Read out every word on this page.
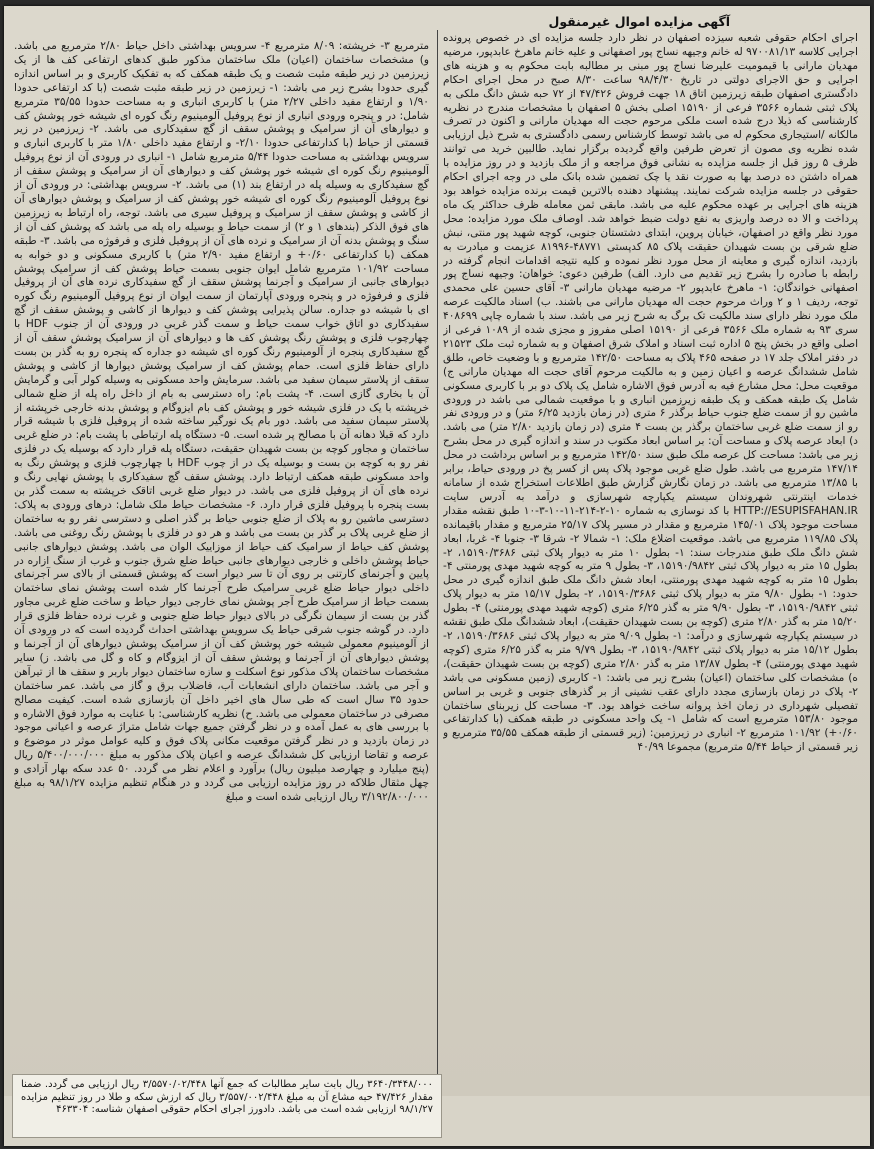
آگهی مزایده اموال غیرمنقول

اجرای احکام حقوقی شعبه سیزده اصفهان در نظر دارد جلسه مزایده ای در خصوص پرونده اجرایی کلاسه ۹۷۰۰۸۱/۱۳ له خانم وجیهه نساج پور اصفهانی و علیه خانم ماهرخ عابدپور، مرضیه مهدیان مارانی با قیمومیت علیرضا نساج پور مبنی بر مطالبه بابت محکوم به و هزینه های اجرایی و حق الاجرای دولتی در تاریخ ۹۸/۴/۳۰ ساعت ۸/۳۰ صبح در محل اجرای احکام دادگستری اصفهان طبقه زیرزمین اتاق ۱۸ جهت فروش ۴۷/۴۲۶ از ۷۲ حبه شش دانگ ملکی به پلاک ثبتی شماره ۳۵۶۶ فرعی از ۱۵۱۹۰ اصلی بخش ۵ اصفهان با مشخصات مندرج در نظریه کارشناسی که ذیلا درج شده است ملکی مرحوم حجت اله مهدیان مارانی و اکنون در تصرف مالکانه /استیجاری محکوم له می باشد توسط کارشناس رسمی دادگستری به شرح ذیل ارزیابی شده نظریه وی مصون از تعرض طرفین واقع گردیده برگزار نماید. طالبین خرید می توانند ظرف ۵ روز قبل از جلسه مزایده به نشانی فوق مراجعه و از ملک بازدید و در روز مزایده با همراه داشتن ده درصد بها به صورت نقد یا چک تضمین شده بانک ملی در وجه اجرای احکام حقوقی در جلسه مزایده شرکت نمایند. پیشنهاد دهنده بالاترین قیمت برنده مزایده خواهد بود هزینه های اجرایی بر عهده محکوم علیه می باشد. مابقی ثمن معامله ظرف حداکثر یک ماه پرداخت و الا ده درصد واریزی به نفع دولت ضبط خواهد شد. اوصاف ملک مورد مزایده: محل مورد نظر واقع در اصفهان، خیابان پروین، ابتدای دشتستان جنوبی، کوچه شهید پور منتی، نبش ضلع شرقی بن بست شهیدان حقیقت پلاک ۸۵ کدپستی ۴۸۷۷۱-۸۱۹۹۶ عزیمت و مبادرت به بازدید، اندازه گیری و معاینه از محل مورد نظر نموده و کلیه نتیجه اقدامات انجام گرفته در رابطه با صادره را بشرح زیر تقدیم می دارد. الف) طرفین دعوی: خواهان: وجیهه نساج پور اصفهانی خواندگان: ۱- ماهرخ عابدپور ۲- مرضیه مهدیان مارانی ۳- آقای حسین علی محمدی توجه، ردیف ۱ و ۲ وراث مرحوم حجت اله مهدیان مارانی می باشند. ب) اسناد مالکیت عرصه ملک مورد نظر دارای سند مالکیت تک برگ به شرح زیر می باشد. سند با شماره چاپی ۴۰۸۶۹۹ سری ۹۳ به شماره ملک ۳۵۶۶ فرعی از ۱۵۱۹۰ اصلی مفروز و مجزی شده از ۱۰۸۹ فرعی از اصلی واقع در بخش پنج ۵ اداره ثبت اسناد و املاک شرق اصفهان و به شماره ثبت ملک ۲۱۵۲۳ در دفتر املاک جلد ۱۷ در صفحه ۴۶۵ پلاک به مساحت ۱۴۲/۵۰ مترمربع و با وضعیت خاص، طلق شامل ششدانگ عرصه و اعیان زمین و به مالکیت مرحوم آقای حجت اله مهدیان مارانی ج) موقعیت محل: محل مشارع فیه به آدرس فوق الاشاره شامل یک پلاک دو بر با کاربری مسکونی شامل یک طبقه همکف و یک طبقه زیرزمین انباری و با موقعیت شمالی می باشد در ورودی ماشین رو از سمت ضلع جنوب حیاط برگذر ۶ متری (در زمان بازدید ۶/۲۵ متر) و در ورودی نفر رو از سمت ضلع غربی ساختمان برگذر بن بست ۴ متری (در زمان بازدید ۲/۸۰ متر) می باشد. د) ابعاد عرصه پلاک و مساحت آن: بر اساس ابعاد مکتوب در سند و اندازه گیری در محل بشرح زیر می باشد: مساحت کل عرصه ملک طبق سند ۱۴۲/۵۰ مترمربع و بر اساس برداشت در محل ۱۴۷/۱۴ مترمربع می باشد. طول ضلع غربی موجود پلاک پس از کسر پخ در ورودی حیاط، برابر با ۱۳/۸۵ مترمربع می باشد. در زمان نگارش گزارش طبق اطلاعات استخراج شده از سامانه خدمات اینترنتی شهروندان سیستم یکپارچه شهرسازی و درآمد به آدرس سایت HTTP://ESUPISFAHAN.IR با کد نوسازی به شماره ۱۰-۲-۲۱۴-۱۱-۱۰-۳-۱۰ طبق نقشه مقدار مساحت موجود پلاک ۱۴۵/۰۱ مترمربع و مقدار در مسیر پلاک ۲۵/۱۷ مترمربع و مقدار باقیمانده پلاک ۱۱۹/۸۵ مترمربع می باشد. موقعیت اضلاع ملک: ۱- شمالا ۲- شرقا ۳- جنوبا ۴- غربا، ابعاد شش دانگ ملک طبق مندرجات سند: ۱- بطول ۱۰ متر به دیوار پلاک ثبتی ۱۵۱۹۰/۳۶۸۶، ۲- بطول ۱۵ متر به دیوار پلاک ثبتی ۱۵۱۹۰/۹۸۴۲، ۳- بطول ۹ متر به کوچه شهید مهدی پورمنتی ۴- بطول ۱۵ متر به کوچه شهید مهدی پورمنتی، ابعاد شش دانگ ملک طبق اندازه گیری در محل حدود: ۱- بطول ۹/۸۰ متر به دیوار پلاک ثبتی ۱۵۱۹۰/۳۶۸۶، ۲- بطول ۱۵/۱۷ متر به دیوار پلاک ثبتی ۱۵۱۹۰/۹۸۴۲، ۳- بطول ۹/۹۰ متر به گذر ۶/۲۵ متری (کوچه شهید مهدی پورمنتی) ۴- بطول ۱۵/۲۰ متر به گذر ۲/۸۰ متری (کوچه بن بست شهیدان حقیقت)، ابعاد ششدانگ ملک طبق نقشه در سیستم یکپارچه شهرسازی و درآمد: ۱- بطول ۹/۰۹ متر به دیوار پلاک ثبتی ۱۵۱۹۰/۳۶۸۶، ۲- بطول ۱۵/۱۲ متر به دیوار پلاک ثبتی ۱۵۱۹۰/۹۸۴۲، ۳- بطول ۹/۷۹ متر به گذر ۶/۲۵ متری (کوچه شهید مهدی پورمنتی) ۴- بطول ۱۳/۸۷ متر به گذر ۲/۸۰ متری (کوچه بن بست شهیدان حقیقت)، ه) مشخصات کلی ساختمان (اعیان) بشرح زیر می باشد: ۱- کاربری (زمین مسکونی می باشد ۲- پلاک در زمان بازسازی مجدد دارای عقب نشینی از بر گذرهای جنوبی و غربی بر اساس تفصیلی شهرداری در زمان اخذ پروانه ساخت خواهد بود. ۳- مساحت کل زیربنای ساختمان موجود ۱۵۳/۸۰ مترمربع است که شامل ۱- یک واحد مسکونی در طبقه همکف (با کدارتفاعی ۰/۶۰+) ۱۰۱/۹۲ مترمربع ۲- انباری در زیرزمین: (زیر قسمتی از طبقه همکف ۳۵/۵۵ مترمربع و زیر قسمتی از حیاط ۵/۴۴ مترمربع) مجموعا ۴۰/۹۹

مترمربع ۳- خرپشته: ۸/۰۹ مترمربع ۴- سرویس بهداشتی داخل حیاط ۲/۸۰ مترمربع می باشد. و) مشخصات ساختمان (اعیان) ملک ساختمان مذکور طبق کدهای ارتفاعی کف ها از یک زیرزمین در زیر طبقه مثبت شصت و یک طبقه همکف که به تفکیک کاربری و بر اساس اندازه گیری حدودا بشرح زیر می باشد: ۱- زیرزمین در زیر طبقه مثبت شصت (با کد ارتفاعی حدودا ۱/۹۰ و ارتفاع مفید داخلی ۲/۲۷ متر) با کاربری انباری و به مساحت حدودا ۳۵/۵۵ مترمربع شامل: در و پنجره ورودی انباری از نوع پروفیل آلومینیوم رنگ کوره ای شیشه خور پوشش کف و دیوارهای آن از سرامیک و پوشش سقف از گچ سفیدکاری می باشد. ۲- زیرزمین در زیر قسمتی از حیاط (با کدارتفاعی حدودا ۲/۱۰- و ارتفاع مفید داخلی ۱/۸۰ متر با کاربری انباری و سرویس بهداشتی به مساحت حدودا ۵/۴۴ مترمربع شامل ۱- انباری در ورودی آن از نوع پروفیل آلومینیوم رنگ کوره ای شیشه خور پوشش کف و دیوارهای آن از سرامیک و پوشش سقف از گچ سفیدکاری به وسیله پله در ارتفاع بند (۱) می باشد. ۲- سرویس بهداشتی: در ورودی آن از نوع پروفیل آلومینیوم رنگ کوره ای شیشه خور پوشش کف از سرامیک و پوشش دیوارهای آن از کاشی و پوشش سقف از سرامیک و پروفیل سیری می باشد. توجه، راه ارتباط به زیرزمین های فوق الذکر (بندهای ۱ و ۲) از سمت حیاط و بوسیله راه پله می باشد که پوشش کف آن از سنگ و پوشش بدنه آن از سرامیک و نرده های آن از پروفیل فلزی و فرفوژه می باشد. ۳- طبقه همکف (با کدارتفاعی ۰/۶۰+ و ارتفاع مفید ۲/۹۰ متر) با کاربری مسکونی و دو خوابه به مساحت ۱۰۱/۹۲ مترمربع شامل ایوان جنوبی بسمت حیاط پوشش کف از سرامیک پوشش دیوارهای جانبی از سرامیک و آجرنما پوشش سقف از گچ سفیدکاری نرده های آن از پروفیل فلزی و فرفوژه در و پنجره ورودی آپارتمان از سمت ایوان از نوع پروفیل آلومینیوم رنگ کوره ای با شیشه دو جداره. سالن پذیرایی پوشش کف و دیوارها از کاشی و پوشش سقف از گچ سفیدکاری دو اتاق خواب سمت حیاط و سمت گذر غربی در ورودی آن از جنوب HDF با چهارچوب فلزی و پوشش رنگ پوشش کف ها و دیوارهای آن از سرامیک پوشش سقف آن از گچ سفیدکاری پنجره از آلومینیوم رنگ کوره ای شیشه دو جداره که پنجره رو به گذر بن بست دارای حفاظ فلزی است. حمام پوشش کف از سرامیک پوشش دیوارها از کاشی و پوشش سقف از پلاستر سیمان سفید می باشد. سرمایش واحد مسکونی به وسیله کولر آبی و گرمایش آن با بخاری گازی است. ۴- پشت بام: راه دسترسی به بام از داخل راه پله از ضلع شمالی خرپشته با یک در فلزی شیشه خور و پوشش کف بام ایزوگام و پوشش بدنه خارجی خرپشته از پلاستر سیمان سفید می باشد. دور بام یک نورگیر ساخته شده از پروفیل فلزی با شیشه قرار دارد که قبلا دهانه آن با مصالح پر شده است. ۵- دستگاه پله ارتباطی با پشت بام: در ضلع غربی ساختمان و مجاور کوچه بن بست شهیدان حقیقت، دستگاه پله قرار دارد که بوسیله یک در فلزی نفر رو به کوچه بن بست و بوسیله یک در از چوب HDF با چهارچوب فلزی و پوشش رنگ به واحد مسکونی طبقه همکف ارتباط دارد. پوشش سقف گچ سفیدکاری با پوشش نهایی رنگ و نرده های آن از پروفیل فلزی می باشد. در دیوار ضلع غربی اتاقک خرپشته به سمت گذر بن بست پنجره با پروفیل فلزی قرار دارد. ۶- مشخصات حیاط ملک شامل: درهای ورودی به پلاک: دسترسی ماشین رو به پلاک از ضلع جنوبی حیاط بر گذر اصلی و دسترسی نفر رو به ساختمان از ضلع غربی پلاک بر گذر بن بست می باشد و هر دو در فلزی با پوشش رنگ روغنی می باشد. پوشش کف حیاط از سرامیک کف حیاط از موزاییک الوان می باشد. پوشش دیوارهای جانبی حیاط پوشش داخلی و خارجی دیوارهای جانبی حیاط ضلع شرق جنوب و غرب از سنگ ازاره در پایین و آجرنمای کارتنی بر روی آن تا سر دیوار است که پوشش قسمتی از بالای سر آجرنمای داخلی دیوار حیاط ضلع غربی سرامیک طرح آجرنما کار شده است پوشش نمای ساختمان بسمت حیاط از سرامیک طرح آجر پوشش نمای خارجی دیوار حیاط و ساخت ضلع غربی مجاور گذر بن بست از سیمان نگرگی در بالای دیوار حیاط ضلع جنوبی و غرب نرده حفاظ فلزی قرار دارد. در گوشه جنوب شرقی حیاط یک سرویس بهداشتی احداث گردیده است که در ورودی آن از آلومینیوم معمولی شیشه خور پوشش کف آن از سرامیک پوشش دیوارهای آن از آجرنما و پوشش دیوارهای آن از آجرنما و پوشش سقف آن از ایزوگام و کاه و گل می باشد. ز) سایر مشخصات ساختمان پلاک مذکور نوع اسکلت و سازه ساختمان دیوار باربر و سقف ها از تیرآهن و آجر می باشد. ساختمان دارای انشعابات آب، فاضلاب برق و گاز می باشد. عمر ساختمان حدود ۳۵ سال است که طی سال های اخیر داخل آن بازسازی شده است. کیفیت مصالح مصرفی در ساختمان معمولی می باشد. ح) نظریه کارشناسی: با عنایت به موارد فوق الاشاره و با بررسی های به عمل آمده و در نظر گرفتن جمیع جهات شامل متراژ عرصه و اعیانی موجود در زمان بازدید و در نظر گرفتن موقعیت مکانی پلاک فوق و کلیه عوامل موثر در موضوع و عرصه و تقاضا ارزیابی کل ششدانگ عرصه و اعیان پلاک مذکور به مبلغ ۵/۴۰۰/۰۰۰/۰۰۰ ریال (پنج میلیارد و چهارصد میلیون ریال) برآورد و اعلام نظر می گردد. ۵۰ عدد سکه بهار آزادی و چهل مثقال طلاکه در روز مزایده ارزیابی می گردد و در هنگام تنظیم مزایده ۹۸/۱/۲۷ به مبلغ ۳/۱۹۲/۸۰۰/۰۰۰ ریال ارزیابی شده است و مبلغ

۳۶۴۰/۳۴۴۸/۰۰۰ ریال بابت سایر مطالبات که جمع آنها ۳/۵۵۷۰/۰۲/۴۴۸ ریال ارزیابی می گردد. ضمنا مقدار ۴۷/۴۲۶ حبه مشاع آن به مبلغ ۳/۵۵۷/۰۰۲/۴۴۸ ریال که ارزش سکه و طلا در روز تنظیم مزایده ۹۸/۱/۲۷ ارزیابی شده است می باشد. دادورز اجرای احکام حقوقی اصفهان شناسه: ۴۶۳۳۰۴
